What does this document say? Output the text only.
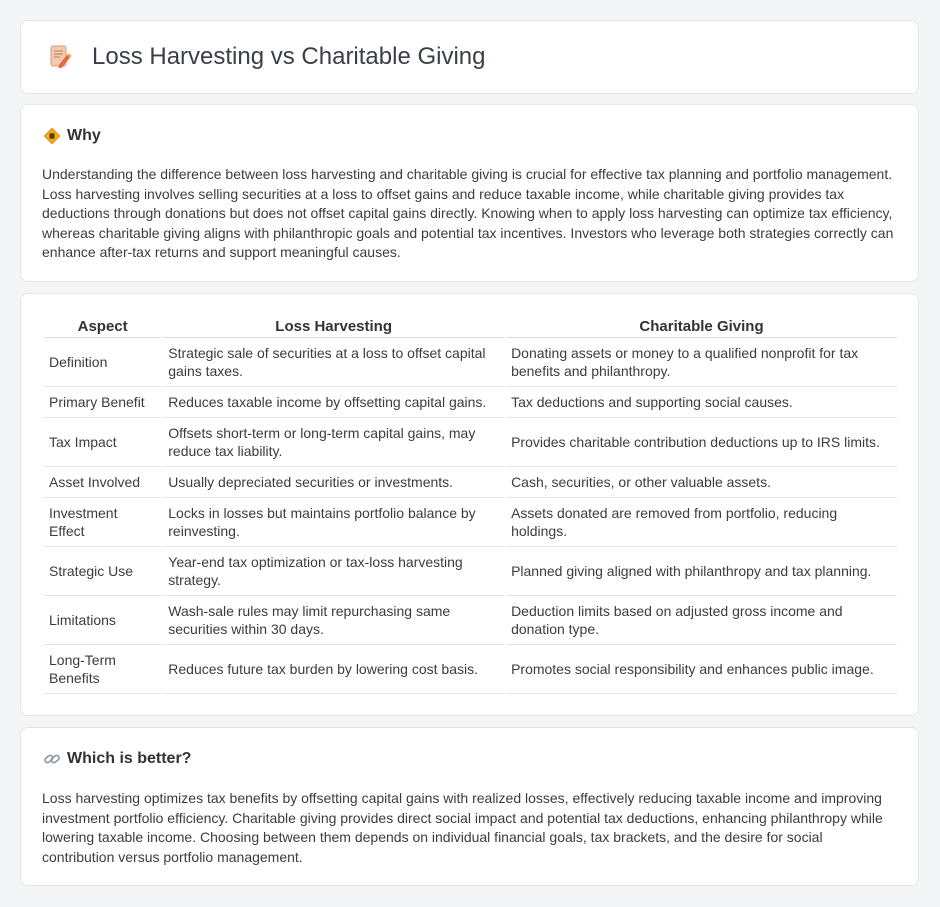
Loss Harvesting vs Charitable Giving
Why

Understanding the difference between loss harvesting and charitable giving is crucial for effective tax planning and portfolio management. Loss harvesting involves selling securities at a loss to offset gains and reduce taxable income, while charitable giving provides tax deductions through donations but does not offset capital gains directly. Knowing when to apply loss harvesting can optimize tax efficiency, whereas charitable giving aligns with philanthropic goals and potential tax incentives. Investors who leverage both strategies correctly can enhance after-tax returns and support meaningful causes.

Aspect	Loss Harvesting	Charitable Giving
Definition	Strategic sale of securities at a loss to offset capital gains taxes.	Donating assets or money to a qualified nonprofit for tax benefits and philanthropy.
Primary Benefit	Reduces taxable income by offsetting capital gains.	Tax deductions and supporting social causes.
Tax Impact	Offsets short-term or long-term capital gains, may reduce tax liability.	Provides charitable contribution deductions up to IRS limits.
Asset Involved	Usually depreciated securities or investments.	Cash, securities, or other valuable assets.
Investment Effect	Locks in losses but maintains portfolio balance by reinvesting.	Assets donated are removed from portfolio, reducing holdings.
Strategic Use	Year-end tax optimization or tax-loss harvesting strategy.	Planned giving aligned with philanthropy and tax planning.
Limitations	Wash-sale rules may limit repurchasing same securities within 30 days.	Deduction limits based on adjusted gross income and donation type.
Long-Term Benefits	Reduces future tax burden by lowering cost basis.	Promotes social responsibility and enhances public image.
Which is better?

Loss harvesting optimizes tax benefits by offsetting capital gains with realized losses, effectively reducing taxable income and improving investment portfolio efficiency. Charitable giving provides direct social impact and potential tax deductions, enhancing philanthropy while lowering taxable income. Choosing between them depends on individual financial goals, tax brackets, and the desire for social contribution versus portfolio management.
